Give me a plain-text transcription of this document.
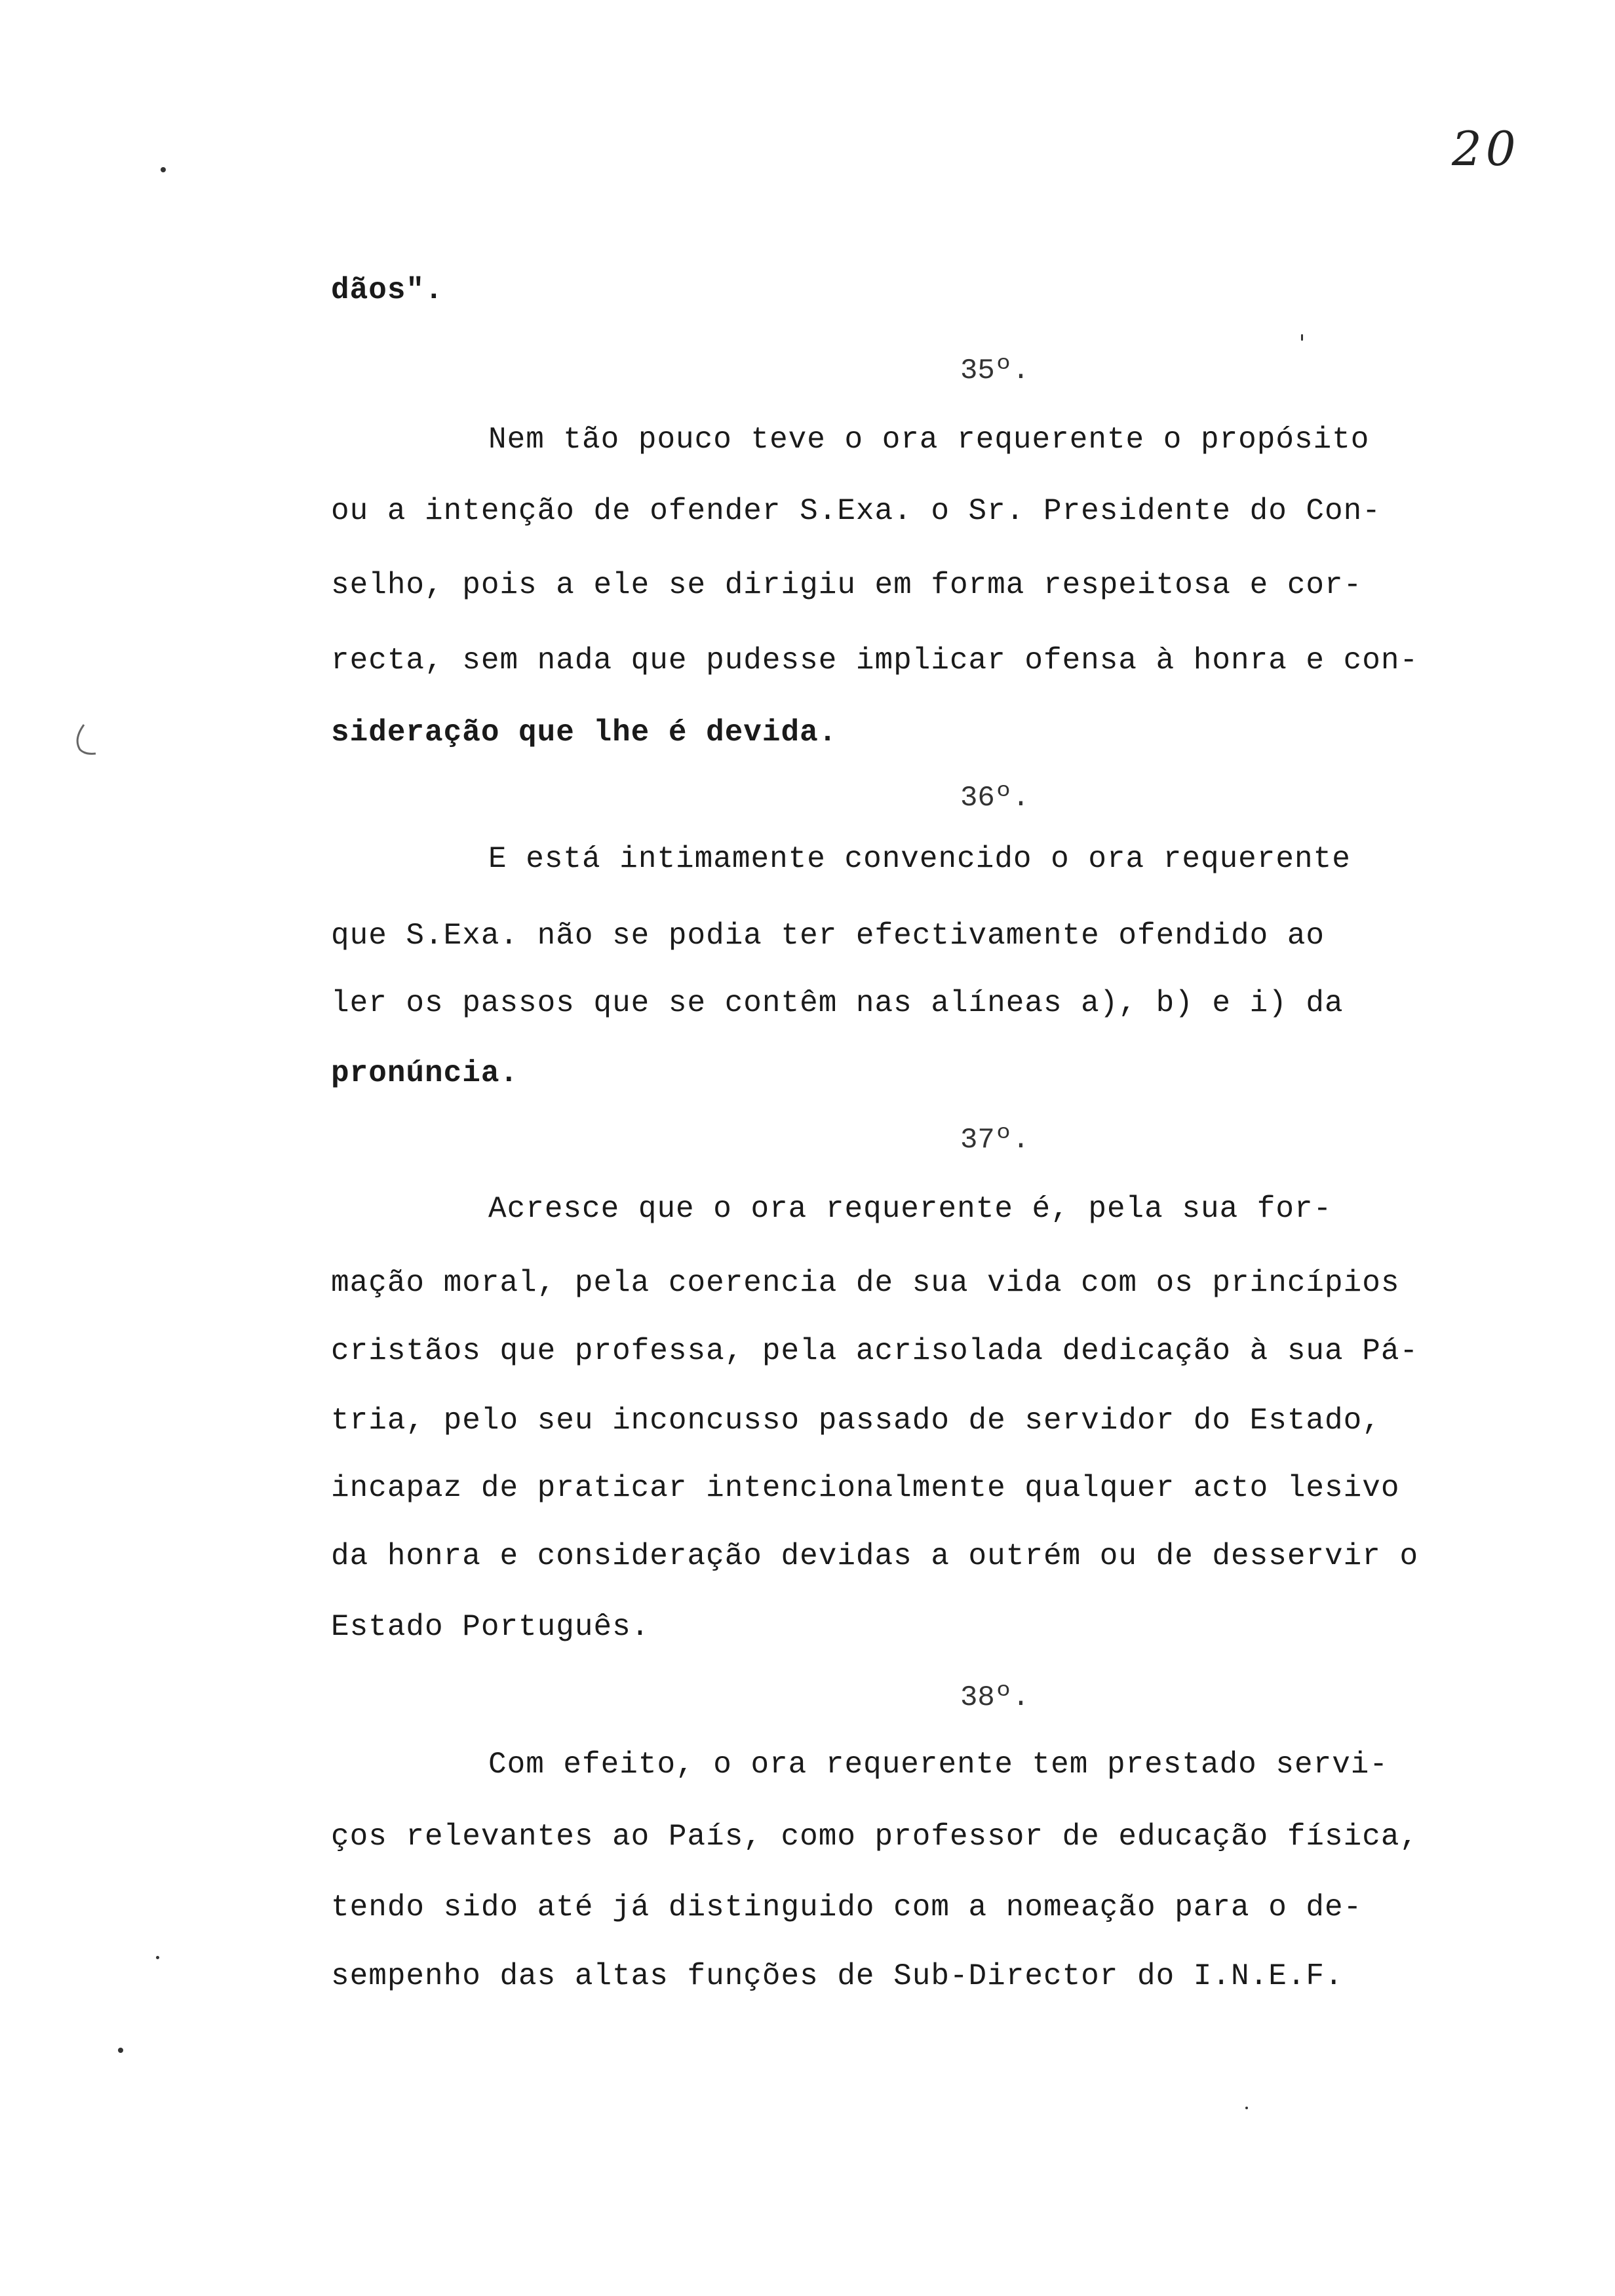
20
dãos".
35º.
Nem tão pouco teve o ora requerente o propósito
ou a intenção de ofender S.Exa. o Sr. Presidente do Con-
selho, pois a ele se dirigiu em forma respeitosa e cor-
recta, sem nada que pudesse implicar ofensa à honra e con-
sideração que lhe é devida.
36º.
E está intimamente convencido o ora requerente
que S.Exa. não se podia ter efectivamente ofendido ao
ler os passos que se contêm nas alíneas a), b) e i) da
pronúncia.
37º.
Acresce que o ora requerente é, pela sua for-
mação moral, pela coerencia de sua vida com os princípios
cristãos que professa, pela acrisolada dedicação à sua Pá-
tria, pelo seu inconcusso passado de servidor do Estado,
incapaz de praticar intencionalmente qualquer acto lesivo
da honra e consideração devidas a outrém ou de desservir o
Estado Português.
38º.
Com efeito, o ora requerente tem prestado servi-
ços relevantes ao País, como professor de educação física,
tendo sido até já distinguido com a nomeação para o de-
sempenho das altas funções de Sub-Director do I.N.E.F.
